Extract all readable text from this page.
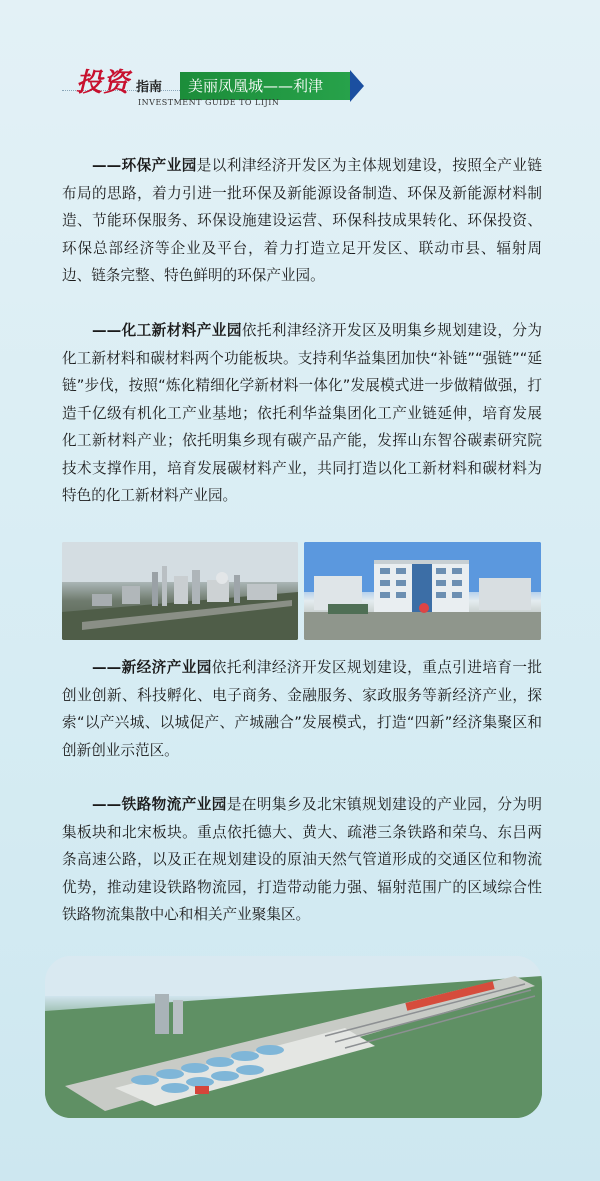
投资 指南	美丽凤凰城——利津
INVESTMENT GUIDE TO LIJIN

——环保产业园是以利津经济开发区为主体规划建设，按照全产业链布局的思路，着力引进一批环保及新能源设备制造、环保及新能源材料制造、节能环保服务、环保设施建设运营、环保科技成果转化、环保投资、环保总部经济等企业及平台，着力打造立足开发区、联动市县、辐射周边、链条完整、特色鲜明的环保产业园。

——化工新材料产业园依托利津经济开发区及明集乡规划建设，分为化工新材料和碳材料两个功能板块。支持利华益集团加快“补链”“强链”“延链”步伐，按照“炼化精细化学新材料一体化”发展模式进一步做精做强，打造千亿级有机化工产业基地；依托利华益集团化工产业链延伸，培育发展化工新材料产业；依托明集乡现有碳产品产能，发挥山东智谷碳素研究院技术支撑作用，培育发展碳材料产业，共同打造以化工新材料和碳材料为特色的化工新材料产业园。

——新经济产业园依托利津经济开发区规划建设，重点引进培育一批创业创新、科技孵化、电子商务、金融服务、家政服务等新经济产业，探索“以产兴城、以城促产、产城融合”发展模式，打造“四新”经济集聚区和创新创业示范区。

——铁路物流产业园是在明集乡及北宋镇规划建设的产业园，分为明集板块和北宋板块。重点依托德大、黄大、疏港三条铁路和荣乌、东吕两条高速公路，以及正在规划建设的原油天然气管道形成的交通区位和物流优势，推动建设铁路物流园，打造带动能力强、辐射范围广的区域综合性铁路物流集散中心和相关产业聚集区。
